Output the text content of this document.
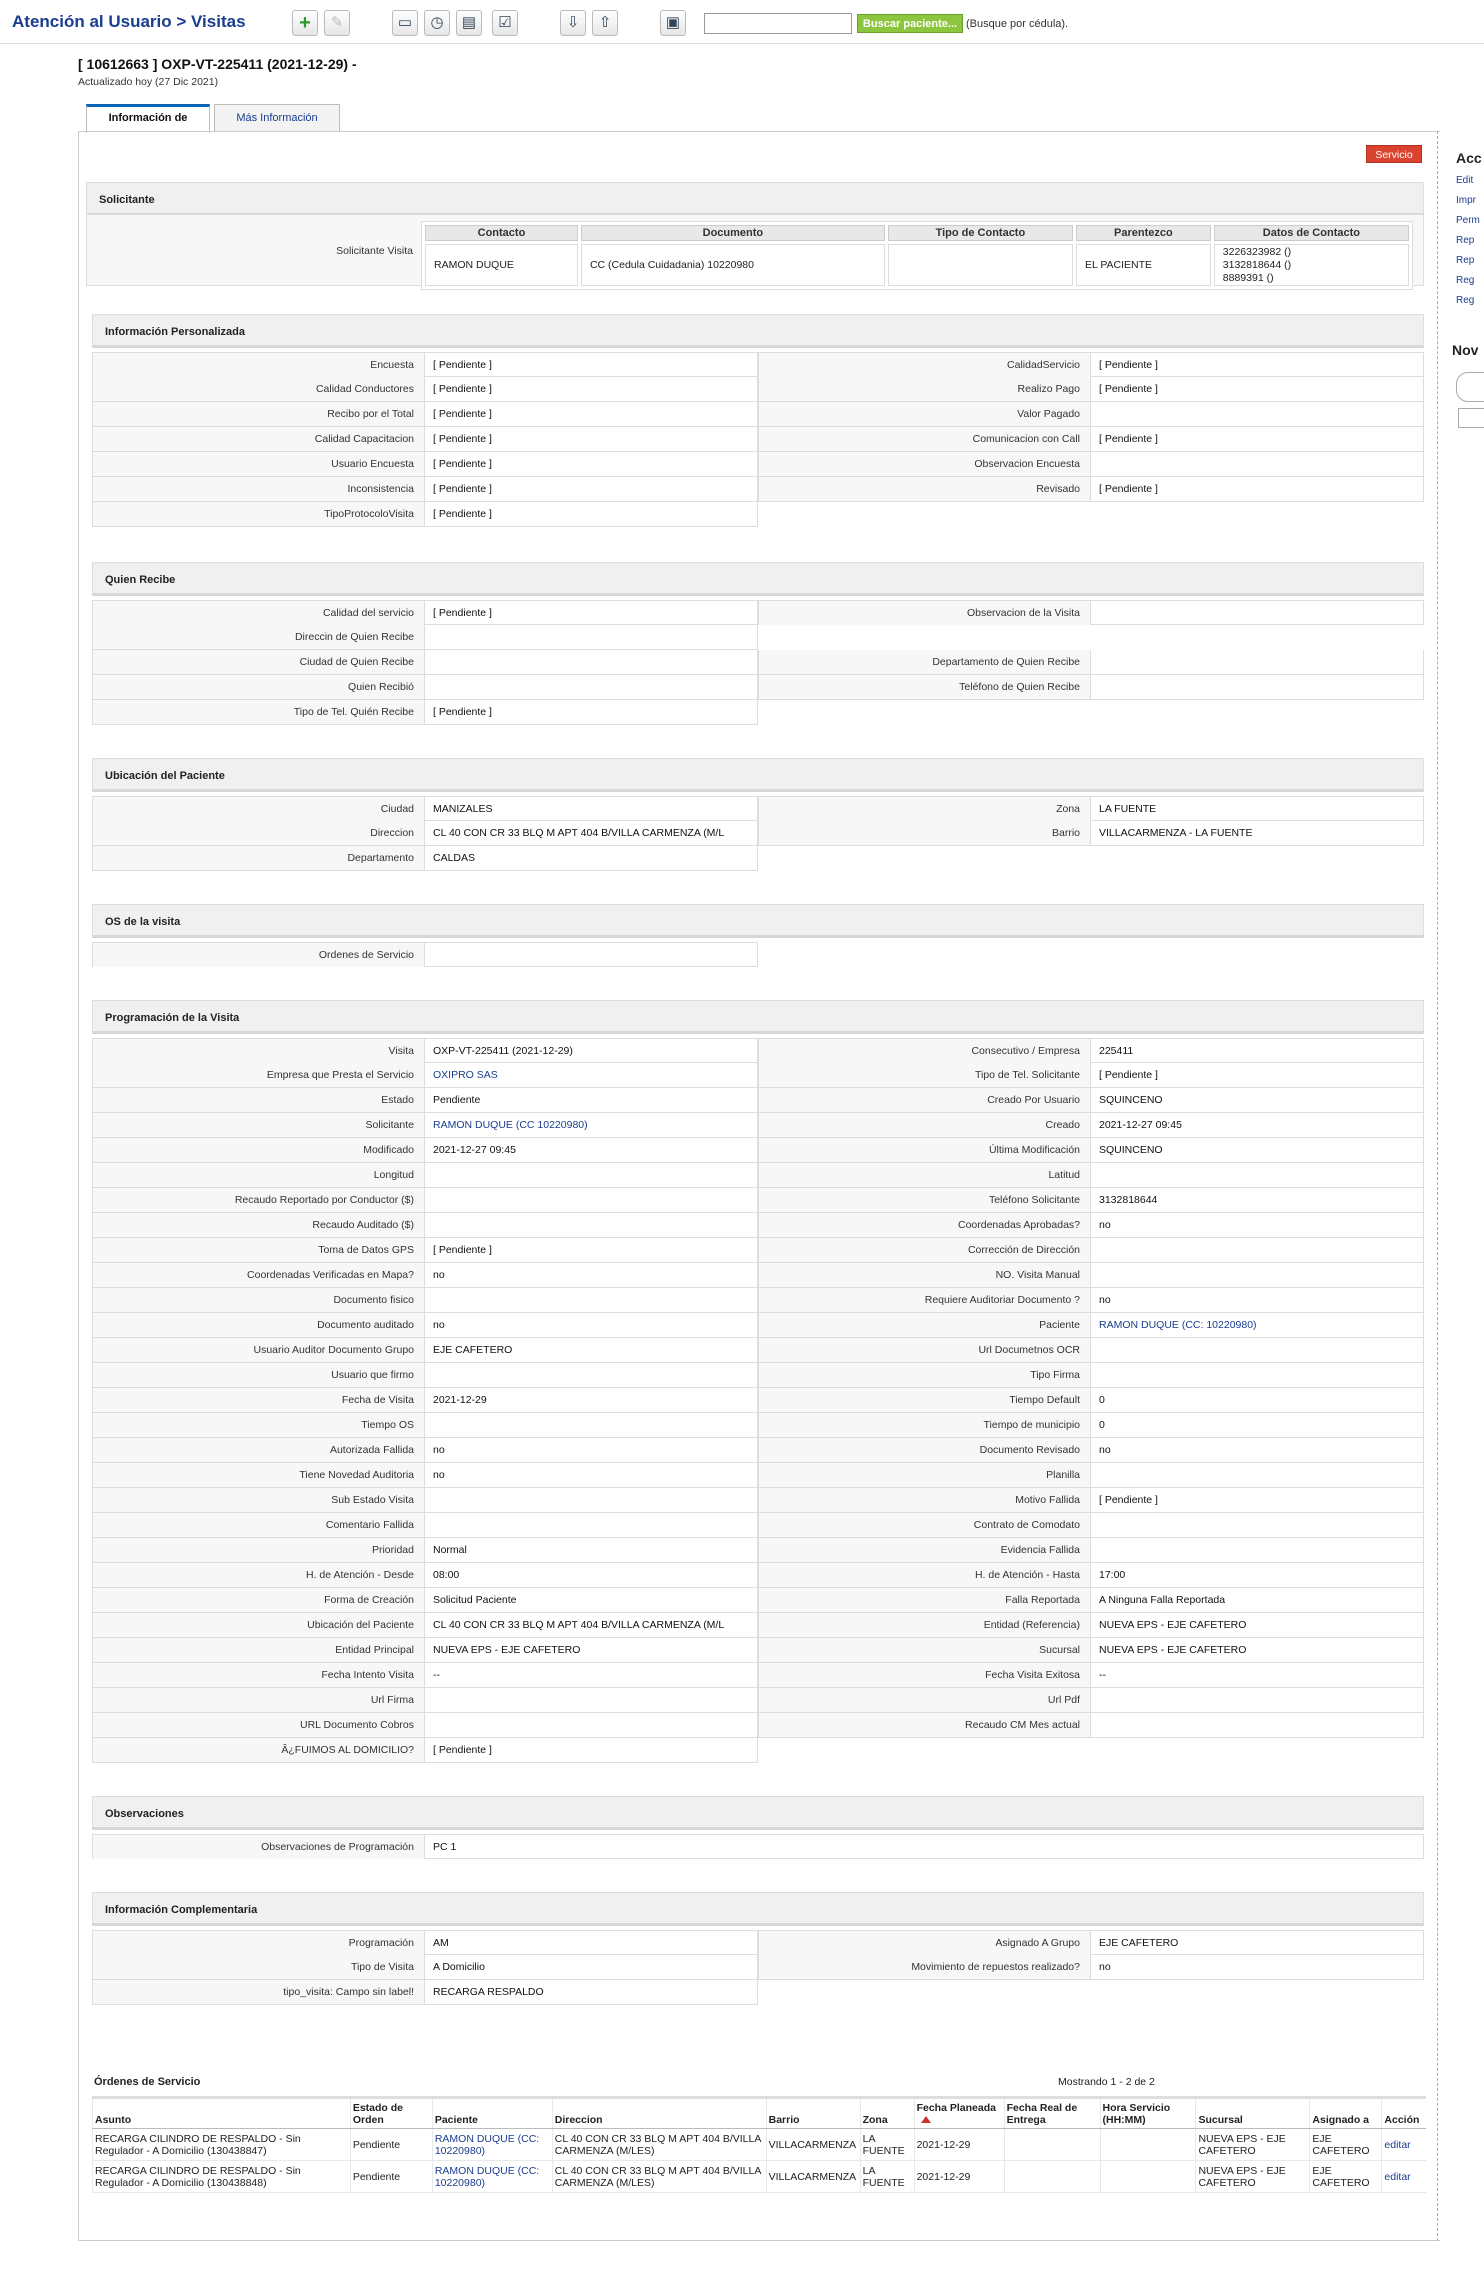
Atención al Usuario > Visitas	+	✎	▭	◷	▤	☑	⇩	⇧	▣	Buscar paciente... (Busque por cédula).
[ 10612663 ] OXP-VT-225411 (2021-12-29) -
Actualizado hoy (27 Dic 2021)
Información de	Más Información
Servicio	Acc
Edit
Impr
Perm
Rep
Rep
Reg
Reg
Nov
Solicitante
Solicitante Visita
Contacto	Documento	Tipo de Contacto	Parentezco	Datos de Contacto
RAMON DUQUE	CC (Cedula Cuidadania) 10220980		EL PACIENTE	3226323982 ()
3132818644 ()
8889391 ()
Información Personalizada
Encuesta	[ Pendiente ]
Calidad Conductores	[ Pendiente ]
Recibo por el Total	[ Pendiente ]
Calidad Capacitacion	[ Pendiente ]
Usuario Encuesta	[ Pendiente ]
Inconsistencia	[ Pendiente ]
TipoProtocoloVisita	[ Pendiente ]
CalidadServicio	[ Pendiente ]
Realizo Pago	[ Pendiente ]
Valor Pagado
Comunicacion con Call	[ Pendiente ]
Observacion Encuesta
Revisado	[ Pendiente ]
Quien Recibe
Calidad del servicio	[ Pendiente ]
Direccin de Quien Recibe
Ciudad de Quien Recibe
Quien Recibió
Tipo de Tel. Quién Recibe	[ Pendiente ]
Observacion de la Visita
Departamento de Quien Recibe
Teléfono de Quien Recibe
Ubicación del Paciente
Ciudad	MANIZALES
Direccion	CL 40 CON CR 33 BLQ M APT 404 B/VILLA CARMENZA (M/L
Departamento	CALDAS
Zona	LA FUENTE
Barrio	VILLACARMENZA - LA FUENTE
OS de la visita
Ordenes de Servicio
Programación de la Visita
Visita	OXP-VT-225411 (2021-12-29)
Empresa que Presta el Servicio	OXIPRO SAS
Estado	Pendiente
Solicitante	RAMON DUQUE (CC 10220980)
Modificado	2021-12-27 09:45
Longitud
Recaudo Reportado por Conductor ($)
Recaudo Auditado ($)
Toma de Datos GPS	[ Pendiente ]
Coordenadas Verificadas en Mapa?	no
Documento fisico
Documento auditado	no
Usuario Auditor Documento Grupo	EJE CAFETERO
Usuario que firmo
Fecha de Visita	2021-12-29
Tiempo OS
Autorizada Fallida	no
Tiene Novedad Auditoria	no
Sub Estado Visita
Comentario Fallida
Prioridad	Normal
H. de Atención - Desde	08:00
Forma de Creación	Solicitud Paciente
Ubicación del Paciente	CL 40 CON CR 33 BLQ M APT 404 B/VILLA CARMENZA (M/L
Entidad Principal	NUEVA EPS - EJE CAFETERO
Fecha Intento Visita	--
Url Firma
URL Documento Cobros
Â¿FUIMOS AL DOMICILIO?	[ Pendiente ]
Consecutivo / Empresa	225411
Tipo de Tel. Solicitante	[ Pendiente ]
Creado Por Usuario	SQUINCENO
Creado	2021-12-27 09:45
Última Modificación	SQUINCENO
Latitud
Teléfono Solicitante	3132818644
Coordenadas Aprobadas?	no
Corrección de Dirección
NO. Visita Manual
Requiere Auditoriar Documento ?	no
Paciente	RAMON DUQUE (CC: 10220980)
Url Documetnos OCR
Tipo Firma
Tiempo Default	0
Tiempo de municipio	0
Documento Revisado	no
Planilla
Motivo Fallida	[ Pendiente ]
Contrato de Comodato
Evidencia Fallida
H. de Atención - Hasta	17:00
Falla Reportada	A Ninguna Falla Reportada
Entidad (Referencia)	NUEVA EPS - EJE CAFETERO
Sucursal	NUEVA EPS - EJE CAFETERO
Fecha Visita Exitosa	--
Url Pdf
Recaudo CM Mes actual
Observaciones
Observaciones de Programación	PC 1
Información Complementaria
Programación	AM
Tipo de Visita	A Domicilio
tipo_visita: Campo sin label!	RECARGA RESPALDO
Asignado A Grupo	EJE CAFETERO
Movimiento de repuestos realizado?	no
Órdenes de Servicio	Mostrando 1 - 2 de 2
Asunto	Estado de Orden	Paciente	Direccion	Barrio	Zona	Fecha Planeada	Fecha Real de Entrega	Hora Servicio (HH:MM)	Sucursal	Asignado a	Acción
RECARGA CILINDRO DE RESPALDO - Sin Regulador - A Domicilio (130438847)	Pendiente	RAMON DUQUE (CC: 10220980)	CL 40 CON CR 33 BLQ M APT 404 B/VILLA CARMENZA (M/LES)	VILLACARMENZA	LA FUENTE	2021-12-29			NUEVA EPS - EJE CAFETERO	EJE CAFETERO	editar
RECARGA CILINDRO DE RESPALDO - Sin Regulador - A Domicilio (130438848)	Pendiente	RAMON DUQUE (CC: 10220980)	CL 40 CON CR 33 BLQ M APT 404 B/VILLA CARMENZA (M/LES)	VILLACARMENZA	LA FUENTE	2021-12-29			NUEVA EPS - EJE CAFETERO	EJE CAFETERO	editar
